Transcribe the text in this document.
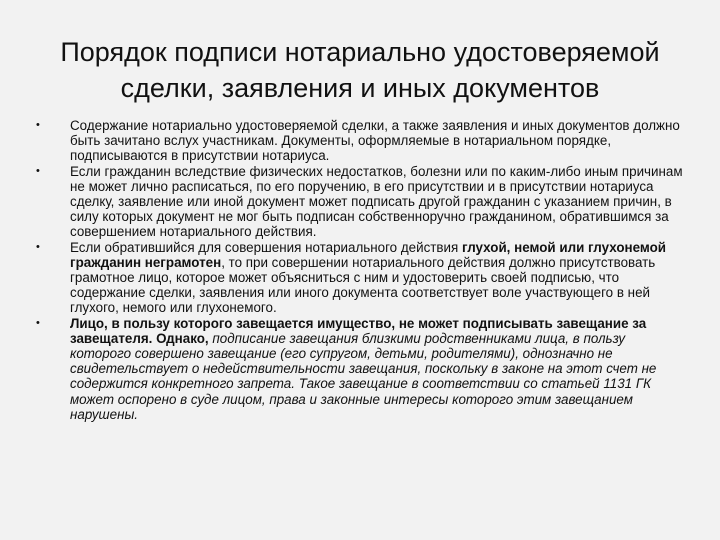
Порядок подписи нотариально удостоверяемой
сделки, заявления и иных документов
• Содержание нотариально удостоверяемой сделки, а также заявления и иных документов должно быть зачитано вслух участникам. Документы, оформляемые в нотариальном порядке, подписываются в присутствии нотариуса.
• Если гражданин вследствие физических недостатков, болезни или по каким-либо иным причинам не может лично расписаться, по его поручению, в его присутствии и в присутствии нотариуса сделку, заявление или иной документ может подписать другой гражданин с указанием причин, в силу которых документ не мог быть подписан собственноручно гражданином, обратившимся за совершением нотариального действия.
• Если обратившийся для совершения нотариального действия глухой, немой или глухонемой гражданин неграмотен, то при совершении нотариального действия должно присутствовать грамотное лицо, которое может объясниться с ним и удостоверить своей подписью, что содержание сделки, заявления или иного документа соответствует воле участвующего в ней глухого, немого или глухонемого.
• Лицо, в пользу которого завещается имущество, не может подписывать завещание за завещателя. Однако, подписание завещания близкими родственниками лица, в пользу которого совершено завещание (его супругом, детьми, родителями), однозначно не свидетельствует о недействительности завещания, поскольку в законе на этот счет не содержится конкретного запрета. Такое завещание в соответствии со статьей 1131 ГК может оспорено в суде лицом, права и законные интересы которого этим завещанием нарушены.
